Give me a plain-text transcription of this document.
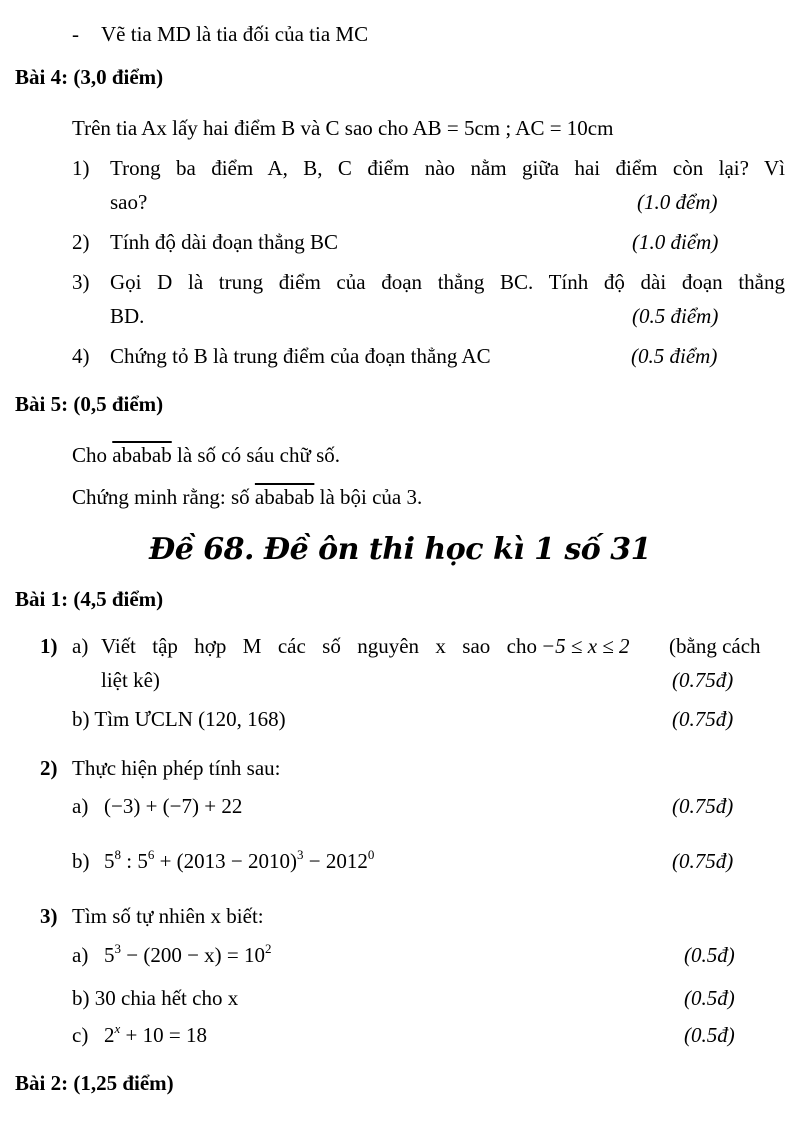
- Vẽ tia MD là tia đối của tia MC
Bài 4: (3,0 điểm)
Trên tia Ax lấy hai điểm B và C sao cho AB = 5cm ; AC = 10cm
1) Trong ba điểm A, B, C điểm nào nằm giữa hai điểm còn lại? Vì
sao?	(1.0 đểm)
2) Tính độ dài đoạn thẳng BC	(1.0 điểm)
3) Gọi D là trung điểm của đoạn thẳng BC. Tính độ dài đoạn thẳng
BD.	(0.5 điểm)
4) Chứng tỏ B là trung điểm của đoạn thẳng AC	(0.5 điểm)
Bài 5: (0,5 điểm)
Cho ababab là số có sáu chữ số.
Chứng minh rằng: số ababab là bội của 3.
Đề 68. Đề ôn thi học kì 1 số 31
Bài 1: (4,5 điểm)
1) a) Viết tập hợp M các số nguyên x sao cho −5 ≤ x ≤ 2 (bằng cách
liệt kê)	(0.75đ)
b) Tìm ƯCLN (120, 168)	(0.75đ)
2) Thực hiện phép tính sau:
a) (−3) + (−7) + 22	(0.75đ)
b) $5^8$ : $5^6 + (2013 - 2010)^3 - 2012^0$	(0.75đ)
3) Tìm số tự nhiên x biết:
a) $5^3 - (200 - x) = 10^2$	(0.5đ)
b) 30 chia hết cho x	(0.5đ)
c) $2^x + 10 = 18$	(0.5đ)
Bài 2: (1,25 điểm)
